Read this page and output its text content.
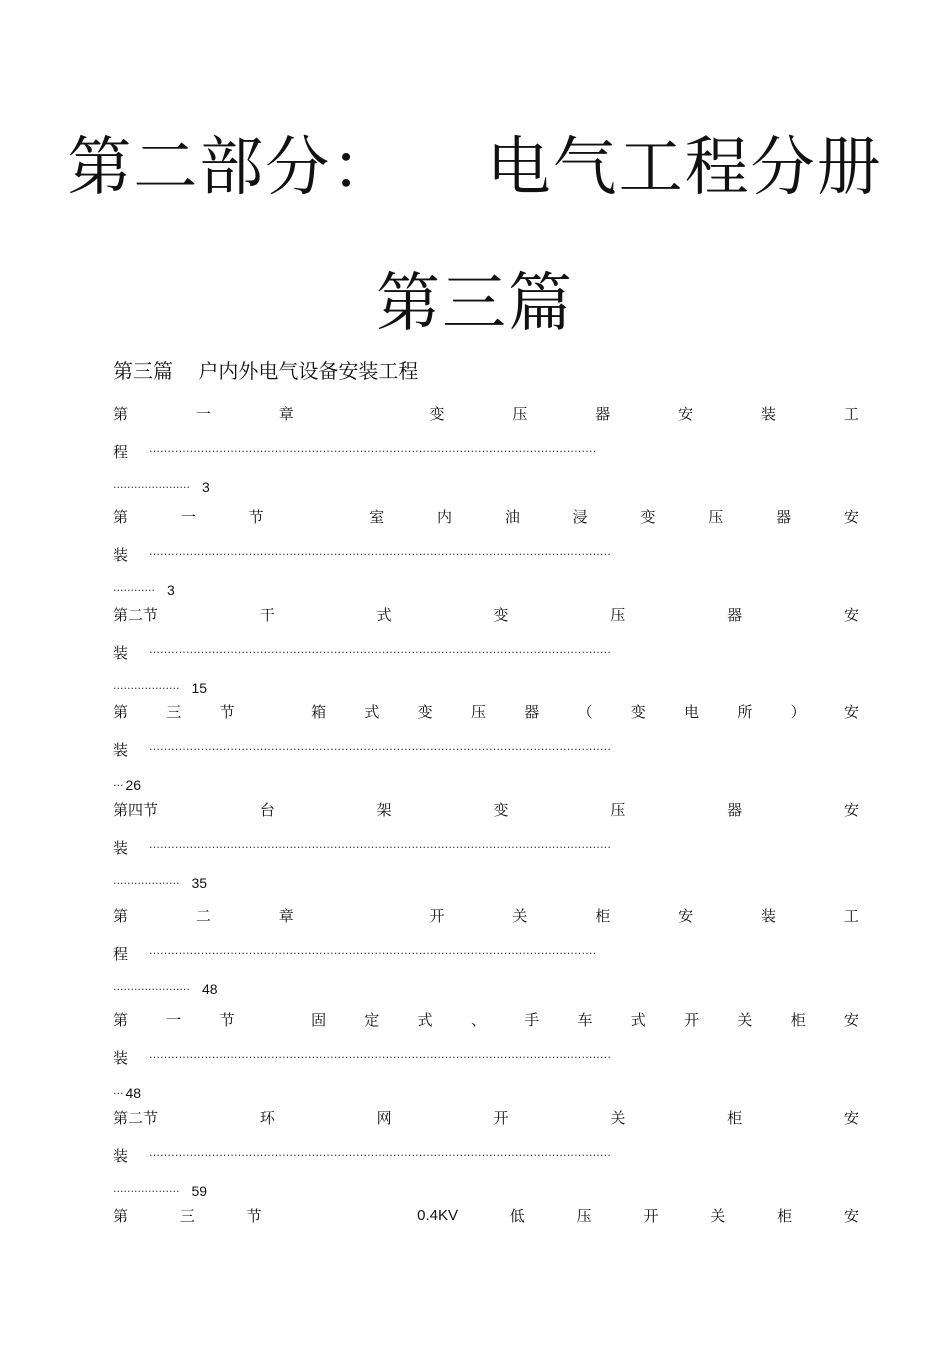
第二部分：    电气工程分册
第三篇
第三篇    户内外电气设备安装工程
第	一	章	变	压	器	安	装	工
程	·························································································································
······················ 3
第	一	节	室	内	油	浸	变	压	器	安
装	·····························································································································
············ 3
第二节	干	式	变	压	器	安
装	·····························································································································
··················· 15
第	三	节	箱	式	变	压	器	（	变	电	所	）	安
装	·····························································································································
··· 26
第四节	台	架	变	压	器	安
装	·····························································································································
··················· 35
第	二	章	开	关	柜	安	装	工
程	·························································································································
······················ 48
第	一	节	固	定	式	、	手	车	式	开	关	柜	安
装	·····························································································································
··· 48
第二节	环	网	开	关	柜	安
装	·····························································································································
··················· 59
第	三	节	0.4KV	低	压	开	关	柜	安
